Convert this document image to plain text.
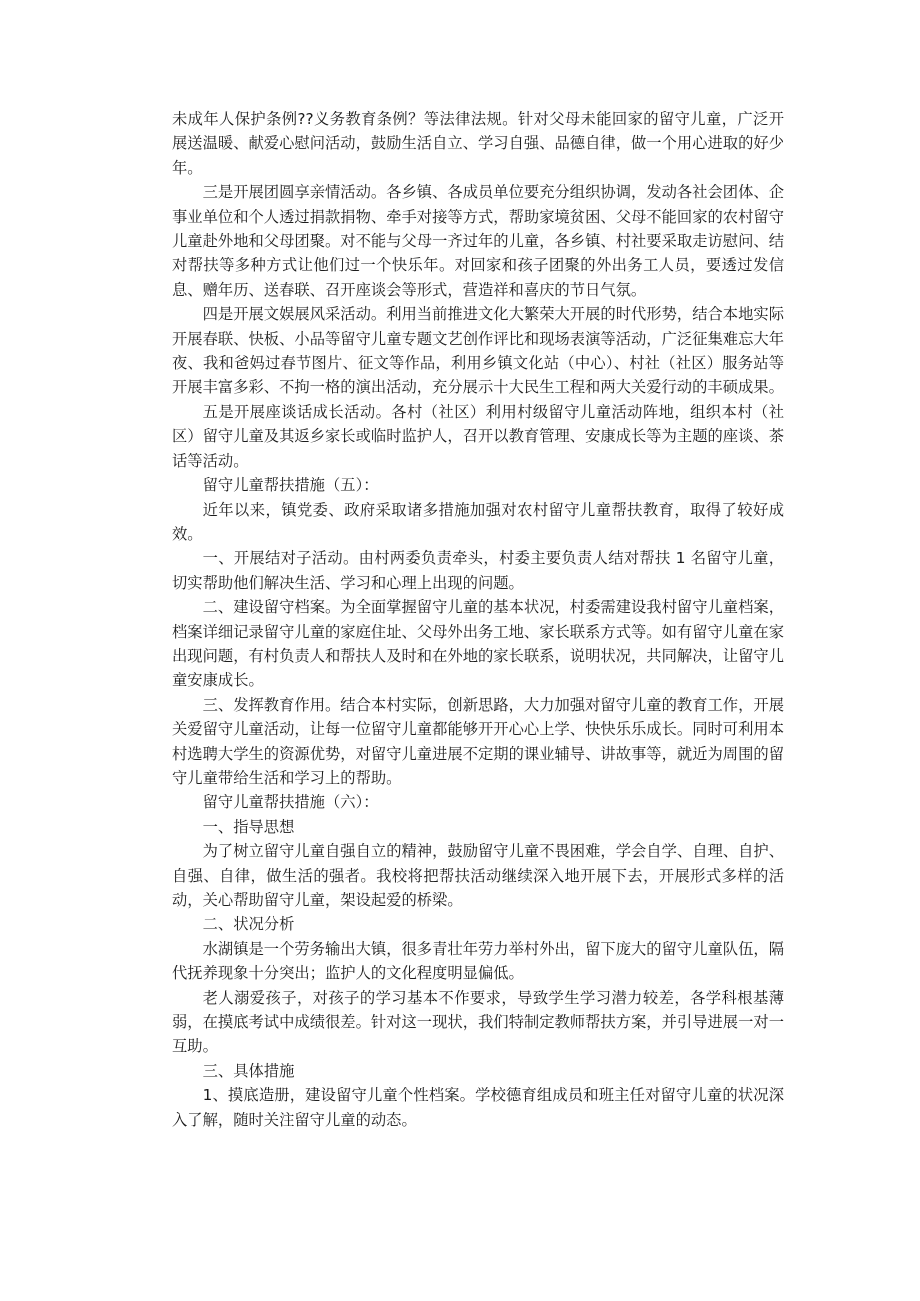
未成年人保护条例??义务教育条例？等法律法规。针对父母未能回家的留守儿童，广泛开展送温暖、献爱心慰问活动，鼓励生活自立、学习自强、品德自律，做一个用心进取的好少年。

三是开展团圆享亲情活动。各乡镇、各成员单位要充分组织协调，发动各社会团体、企事业单位和个人透过捐款捐物、牵手对接等方式，帮助家境贫困、父母不能回家的农村留守儿童赴外地和父母团聚。对不能与父母一齐过年的儿童，各乡镇、村社要采取走访慰问、结对帮扶等多种方式让他们过一个快乐年。对回家和孩子团聚的外出务工人员，要透过发信息、赠年历、送春联、召开座谈会等形式，营造祥和喜庆的节日气氛。

四是开展文娱展风采活动。利用当前推进文化大繁荣大开展的时代形势，结合本地实际开展春联、快板、小品等留守儿童专题文艺创作评比和现场表演等活动，广泛征集难忘大年夜、我和爸妈过春节图片、征文等作品，利用乡镇文化站（中心）、村社（社区）服务站等开展丰富多彩、不拘一格的演出活动，充分展示十大民生工程和两大关爱行动的丰硕成果。

五是开展座谈话成长活动。各村（社区）利用村级留守儿童活动阵地，组织本村（社区）留守儿童及其返乡家长或临时监护人，召开以教育管理、安康成长等为主题的座谈、茶话等活动。

留守儿童帮扶措施（五）：

近年以来，镇党委、政府采取诸多措施加强对农村留守儿童帮扶教育，取得了较好成效。

一、开展结对子活动。由村两委负责牵头，村委主要负责人结对帮扶 1 名留守儿童，切实帮助他们解决生活、学习和心理上出现的问题。

二、建设留守档案。为全面掌握留守儿童的基本状况，村委需建设我村留守儿童档案，档案详细记录留守儿童的家庭住址、父母外出务工地、家长联系方式等。如有留守儿童在家出现问题，有村负责人和帮扶人及时和在外地的家长联系，说明状况，共同解决，让留守儿童安康成长。

三、发挥教育作用。结合本村实际，创新思路，大力加强对留守儿童的教育工作，开展关爱留守儿童活动，让每一位留守儿童都能够开开心心上学、快快乐乐成长。同时可利用本村选聘大学生的资源优势，对留守儿童进展不定期的课业辅导、讲故事等，就近为周围的留守儿童带给生活和学习上的帮助。

留守儿童帮扶措施（六）：

一、指导思想

为了树立留守儿童自强自立的精神，鼓励留守儿童不畏困难，学会自学、自理、自护、自强、自律，做生活的强者。我校将把帮扶活动继续深入地开展下去，开展形式多样的活动，关心帮助留守儿童，架设起爱的桥梁。

二、状况分析

水湖镇是一个劳务输出大镇，很多青壮年劳力举村外出，留下庞大的留守儿童队伍，隔代抚养现象十分突出；监护人的文化程度明显偏低。

老人溺爱孩子，对孩子的学习基本不作要求，导致学生学习潜力较差，各学科根基薄弱，在摸底考试中成绩很差。针对这一现状，我们特制定教师帮扶方案，并引导进展一对一互助。

三、具体措施

1、摸底造册，建设留守儿童个性档案。学校德育组成员和班主任对留守儿童的状况深入了解，随时关注留守儿童的动态。
